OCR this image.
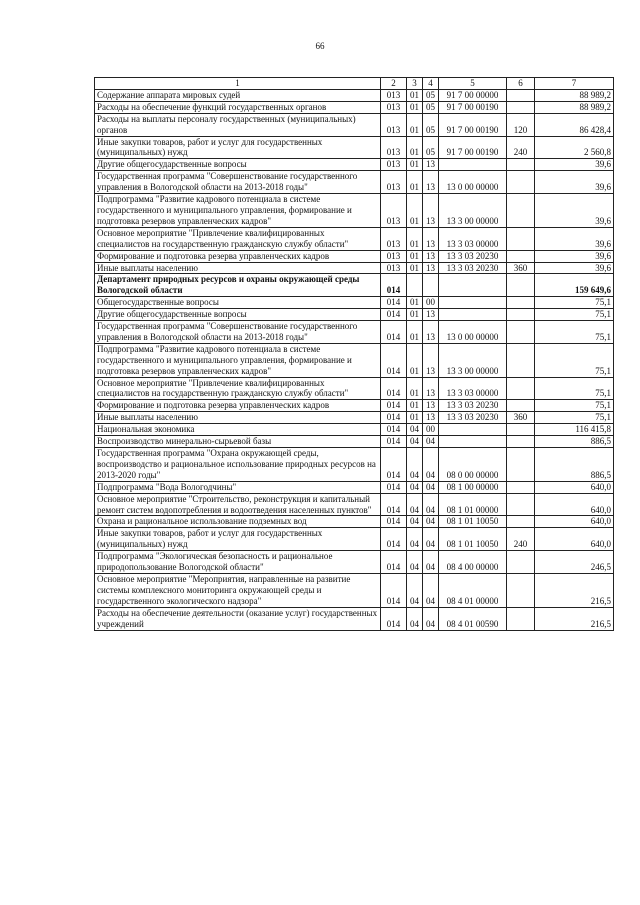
66
1	2	3	4	5	6	7
Содержание аппарата мировых судей	013	01	05	91 7 00 00000		88 989,2
Расходы на обеспечение функций государственных органов	013	01	05	91 7 00 00190		88 989,2
Расходы на выплаты персоналу государственных (муниципальных) органов	013	01	05	91 7 00 00190	120	86 428,4
Иные закупки товаров, работ и услуг для государственных (муниципальных) нужд	013	01	05	91 7 00 00190	240	2 560,8
Другие общегосударственные вопросы	013	01	13			39,6
Государственная программа "Совершенствование государственного управления в Вологодской области на 2013-2018 годы"	013	01	13	13 0 00 00000		39,6
Подпрограмма "Развитие кадрового потенциала в системе государственного и муниципального управления, формирование и подготовка резервов управленческих кадров"	013	01	13	13 3 00 00000		39,6
Основное мероприятие "Привлечение квалифицированных специалистов на государственную гражданскую службу области"	013	01	13	13 3 03 00000		39,6
Формирование и подготовка резерва управленческих кадров	013	01	13	13 3 03 20230		39,6
Иные выплаты населению	013	01	13	13 3 03 20230	360	39,6
Департамент природных ресурсов и охраны окружающей среды Вологодской области	014					159 649,6
Общегосударственные вопросы	014	01	00			75,1
Другие общегосударственные вопросы	014	01	13			75,1
Государственная программа "Совершенствование государственного управления в Вологодской области на 2013-2018 годы"	014	01	13	13 0 00 00000		75,1
Подпрограмма "Развитие кадрового потенциала в системе государственного и муниципального управления, формирование и подготовка резервов управленческих кадров"	014	01	13	13 3 00 00000		75,1
Основное мероприятие "Привлечение квалифицированных специалистов на государственную гражданскую службу области"	014	01	13	13 3 03 00000		75,1
Формирование и подготовка резерва управленческих кадров	014	01	13	13 3 03 20230		75,1
Иные выплаты населению	014	01	13	13 3 03 20230	360	75,1
Национальная экономика	014	04	00			116 415,8
Воспроизводство минерально-сырьевой базы	014	04	04			886,5
Государственная программа "Охрана окружающей среды, воспроизводство и рациональное использование природных ресурсов на 2013-2020 годы"	014	04	04	08 0 00 00000		886,5
Подпрограмма "Вода Вологодчины"	014	04	04	08 1 00 00000		640,0
Основное мероприятие "Строительство, реконструкция и капитальный ремонт систем водопотребления и водоотведения населенных пунктов"	014	04	04	08 1 01 00000		640,0
Охрана и рациональное использование подземных вод	014	04	04	08 1 01 10050		640,0
Иные закупки товаров, работ и услуг для государственных (муниципальных) нужд	014	04	04	08 1 01 10050	240	640,0
Подпрограмма "Экологическая безопасность и рациональное природопользование Вологодской области"	014	04	04	08 4 00 00000		246,5
Основное мероприятие "Мероприятия, направленные на развитие системы комплексного мониторинга окружающей среды и государственного экологического надзора"	014	04	04	08 4 01 00000		216,5
Расходы на обеспечение деятельности (оказание услуг) государственных учреждений	014	04	04	08 4 01 00590		216,5
